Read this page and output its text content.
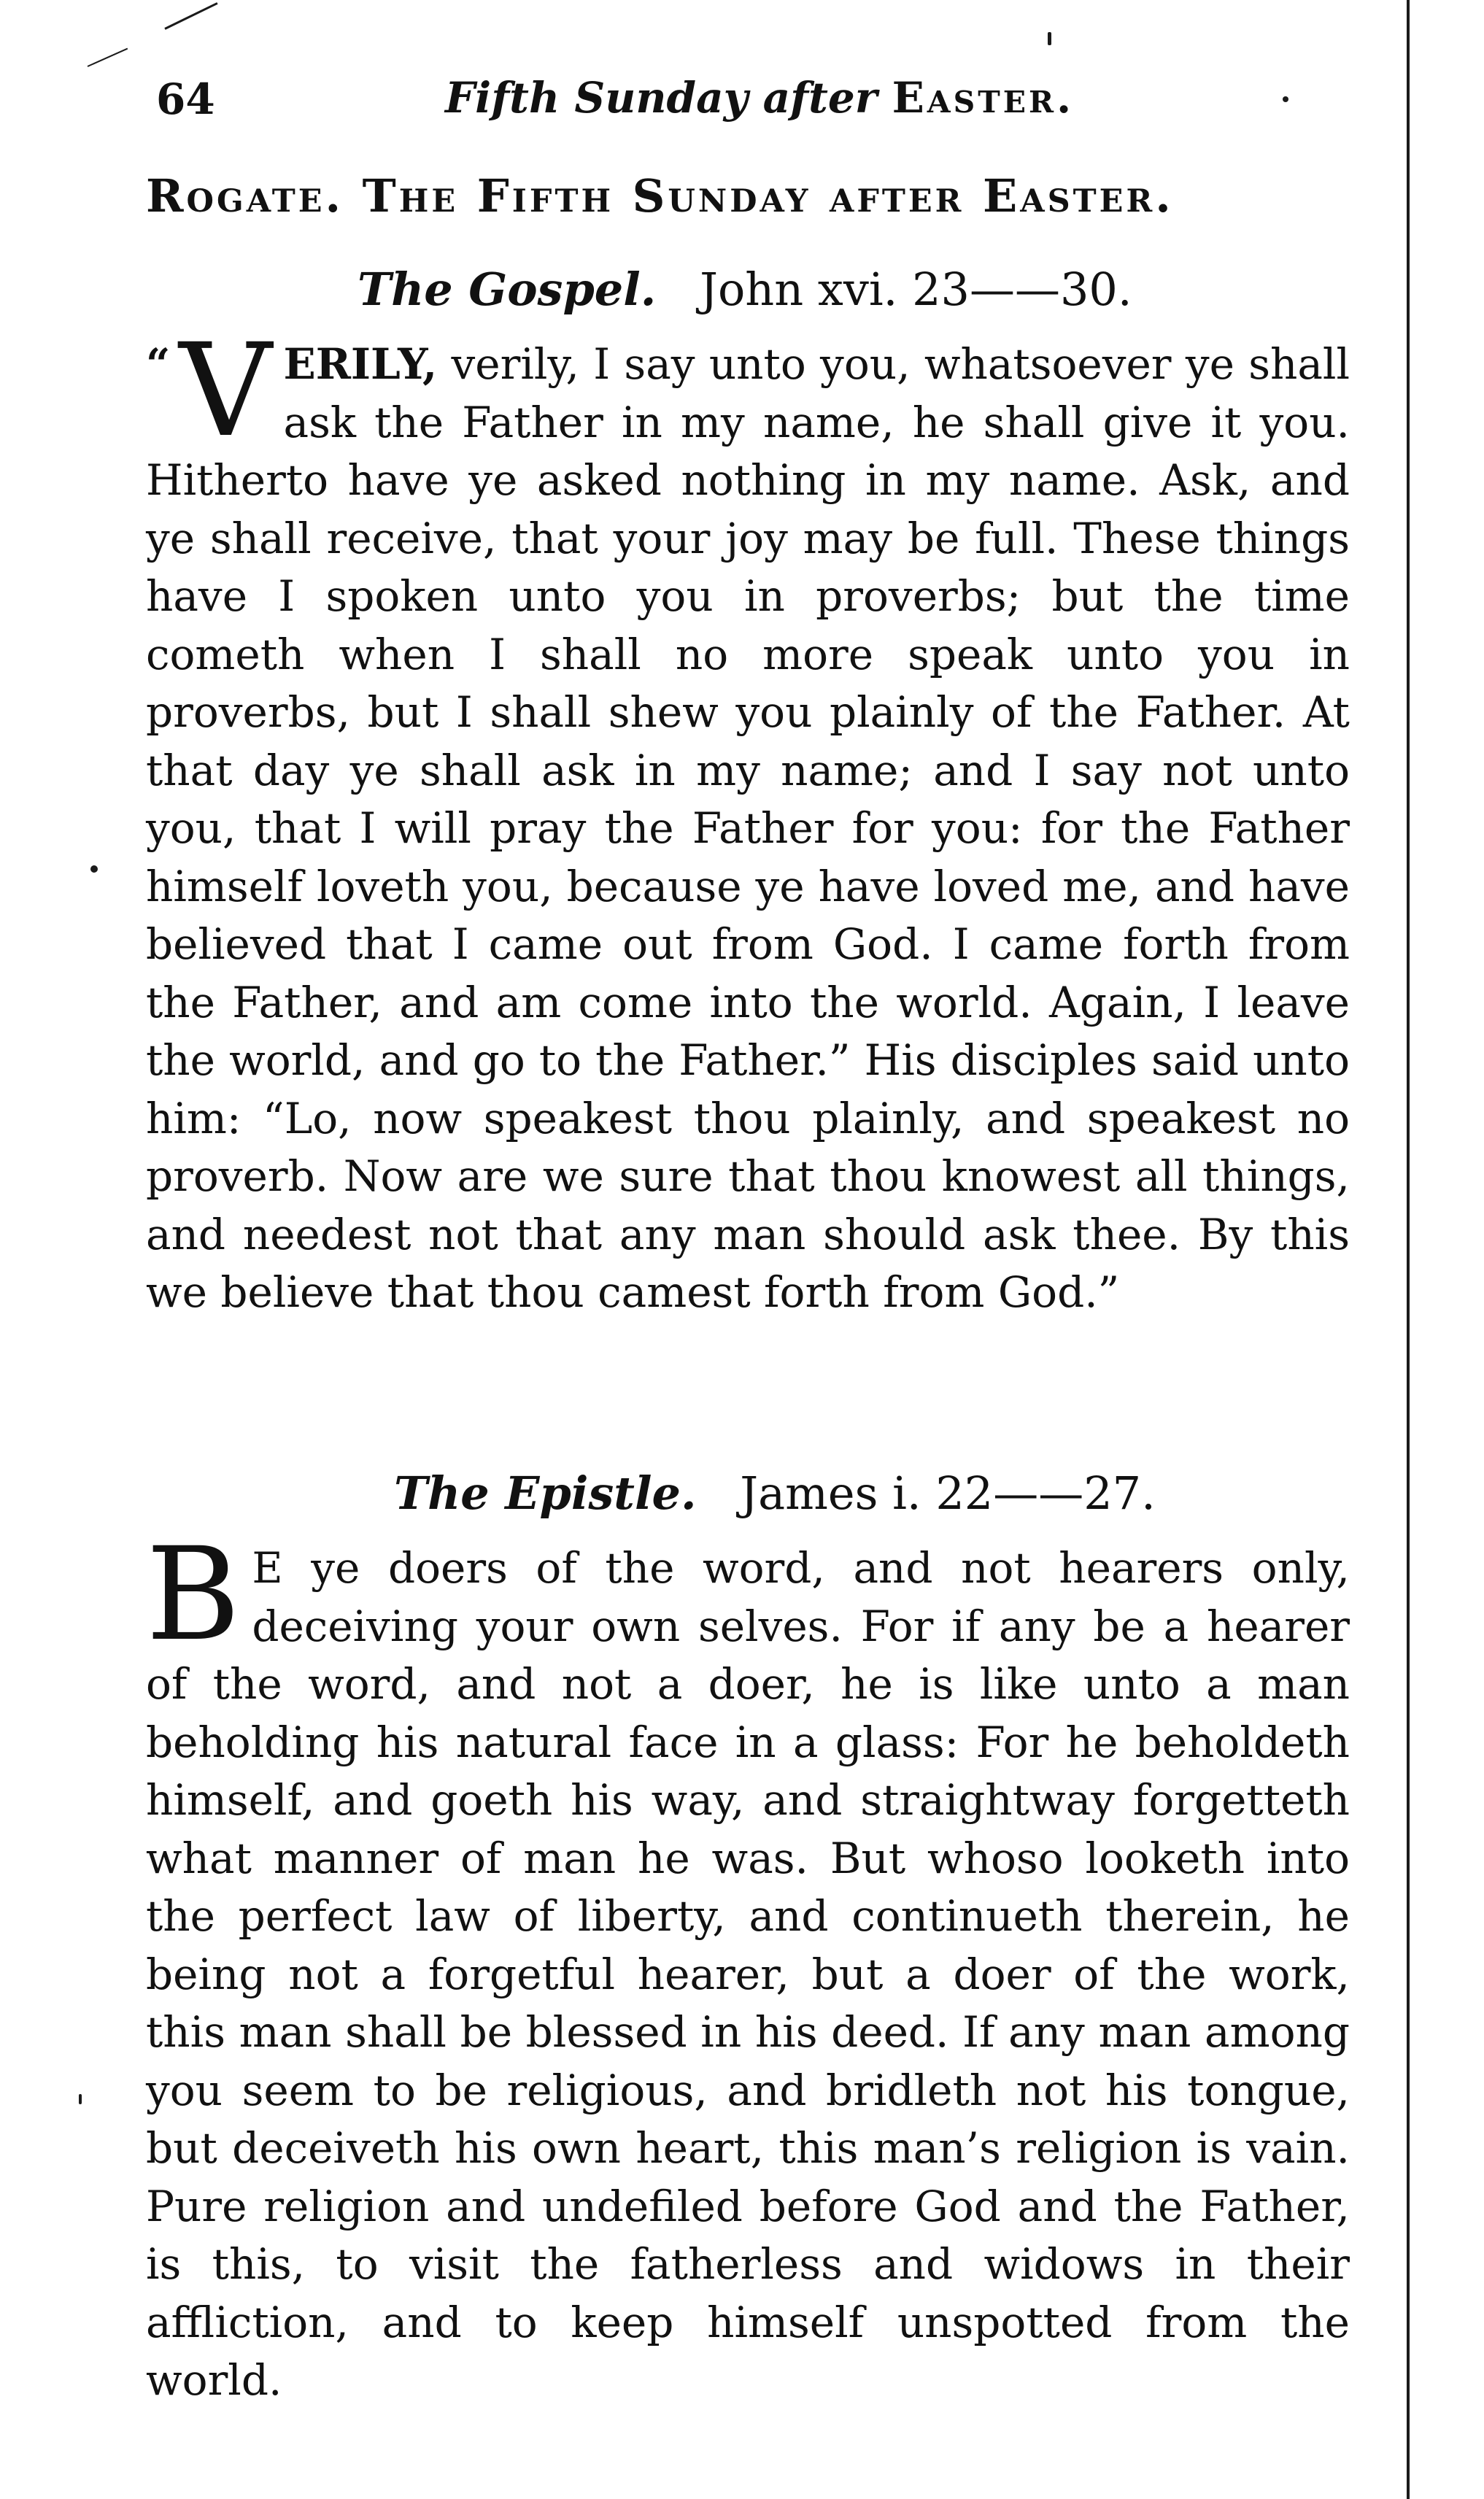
64	Fifth Sunday after Easter.
Rogate. The Fifth Sunday after Easter.
The Gospel. John xvi. 23——30.
“ V ERILY, verily, I say unto you, whatsoever ye shall ask the Father in my name, he shall give it you. Hitherto have ye asked nothing in my name. Ask, and ye shall receive, that your joy may be full. These things have I spoken unto you in proverbs; but the time cometh when I shall no more speak unto you in proverbs, but I shall shew you plainly of the Father. At that day ye shall ask in my name; and I say not unto you, that I will pray the Father for you: for the Father himself loveth you, because ye have loved me, and have believed that I came out from God. I came forth from the Father, and am come into the world. Again, I leave the world, and go to the Father.” His disciples said unto him: “Lo, now speakest thou plainly, and speakest no proverb. Now are we sure that thou knowest all things, and needest not that any man should ask thee. By this we believe that thou camest forth from God.”
The Epistle. James i. 22——27.
B E ye doers of the word, and not hearers only, deceiving your own selves. For if any be a hearer of the word, and not a doer, he is like unto a man beholding his natural face in a glass: For he beholdeth himself, and goeth his way, and straightway forgetteth what manner of man he was. But whoso looketh into the perfect law of liberty, and continueth therein, he being not a forgetful hearer, but a doer of the work, this man shall be blessed in his deed. If any man among you seem to be religious, and bridleth not his tongue, but deceiveth his own heart, this man’s religion is vain. Pure religion and undefiled before God and the Father, is this, to visit the fatherless and widows in their affliction, and to keep himself unspotted from the world.
